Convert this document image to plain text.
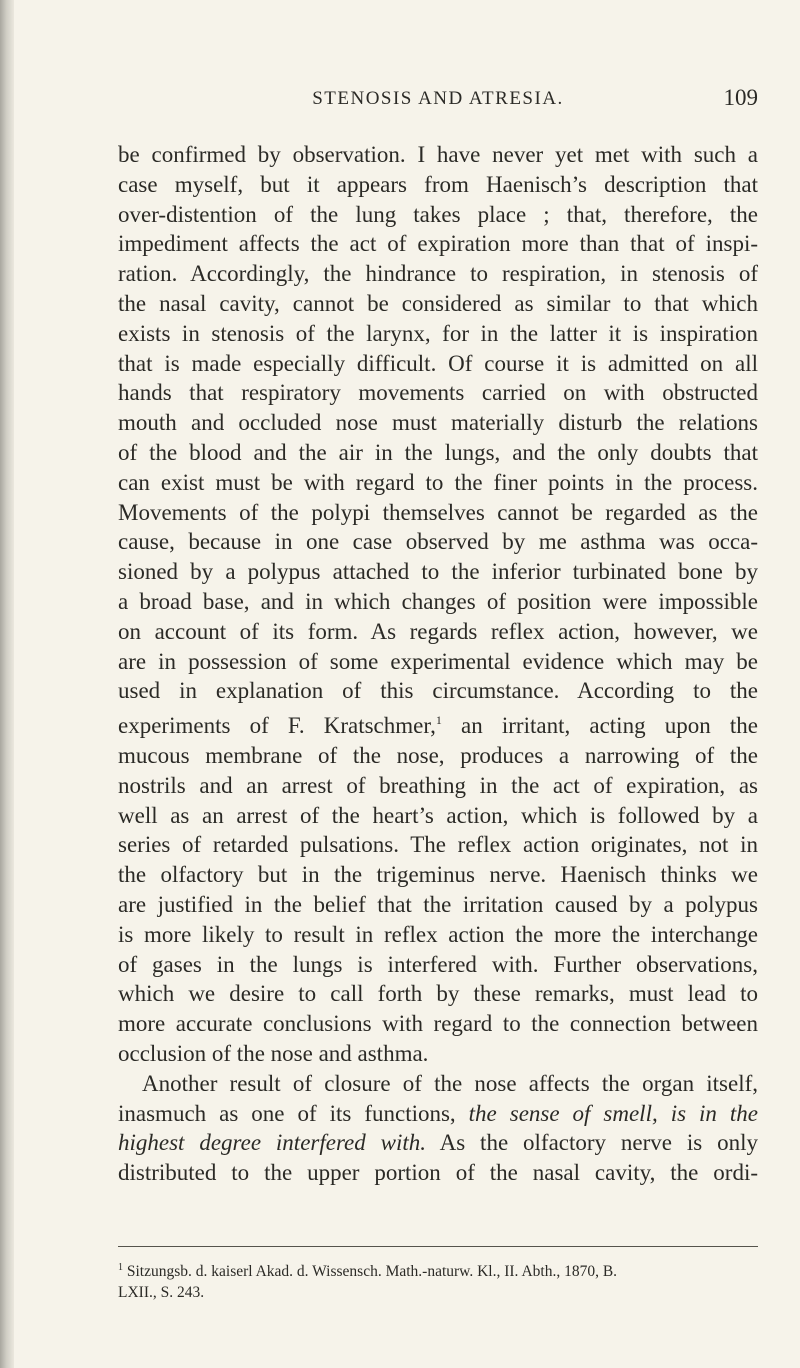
STENOSIS AND ATRESIA.	109

be confirmed by observation. I have never yet met with such a
case myself, but it appears from Haenisch’s description that
over-distention of the lung takes place ; that, therefore, the
impediment affects the act of expiration more than that of inspi-
ration. Accordingly, the hindrance to respiration, in stenosis of
the nasal cavity, cannot be considered as similar to that which
exists in stenosis of the larynx, for in the latter it is inspiration
that is made especially difficult. Of course it is admitted on all
hands that respiratory movements carried on with obstructed
mouth and occluded nose must materially disturb the relations
of the blood and the air in the lungs, and the only doubts that
can exist must be with regard to the finer points in the process.
Movements of the polypi themselves cannot be regarded as the
cause, because in one case observed by me asthma was occa-
sioned by a polypus attached to the inferior turbinated bone by
a broad base, and in which changes of position were impossible
on account of its form. As regards reflex action, however, we
are in possession of some experimental evidence which may be
used in explanation of this circumstance. According to the
experiments of F. Kratschmer,$^1$ an irritant, acting upon the
mucous membrane of the nose, produces a narrowing of the
nostrils and an arrest of breathing in the act of expiration, as
well as an arrest of the heart’s action, which is followed by a
series of retarded pulsations. The reflex action originates, not in
the olfactory but in the trigeminus nerve. Haenisch thinks we
are justified in the belief that the irritation caused by a polypus
is more likely to result in reflex action the more the interchange
of gases in the lungs is interfered with. Further observations,
which we desire to call forth by these remarks, must lead to
more accurate conclusions with regard to the connection between
occlusion of the nose and asthma.

Another result of closure of the nose affects the organ itself,
inasmuch as one of its functions, the sense of smell, is in the
highest degree interfered with. As the olfactory nerve is only
distributed to the upper portion of the nasal cavity, the ordi-

$^1$ Sitzungsb. d. kaiserl Akad. d. Wissensch. Math.-naturw. Kl., II. Abth., 1870, B.
LXII., S. 243.
